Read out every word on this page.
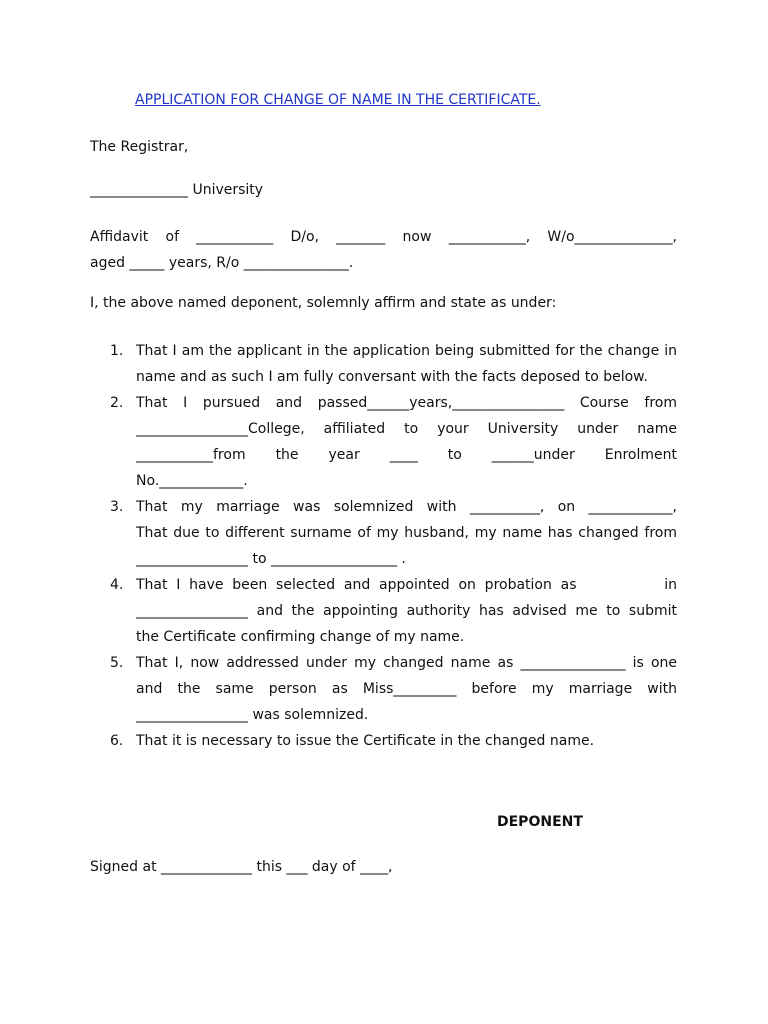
APPLICATION FOR CHANGE OF NAME IN THE CERTIFICATE.

The Registrar,

______________ University

Affidavit of ___________ D/o, _______ now ___________, W/o______________,
aged _____ years, R/o _______________.

I, the above named deponent, solemnly affirm and state as under:

1. That I am the applicant in the application being submitted for the change in
name and as such I am fully conversant with the facts deposed to below.
2. That I pursued and passed______years,________________ Course from
________________College, affiliated to your University under name
___________from the year ____ to ______under Enrolment
No.____________.
3. That my marriage was solemnized with __________, on ____________,
That due to different surname of my husband, my name has changed from
________________ to __________________ .
4. That I have been selected and appointed on probation as          in
________________ and the appointing authority has advised me to submit
the Certificate confirming change of my name.
5. That I, now addressed under my changed name as _______________ is one
and the same person as Miss_________ before my marriage with
________________ was solemnized.
6. That it is necessary to issue the Certificate in the changed name.

DEPONENT

Signed at _____________ this ___ day of ____,
